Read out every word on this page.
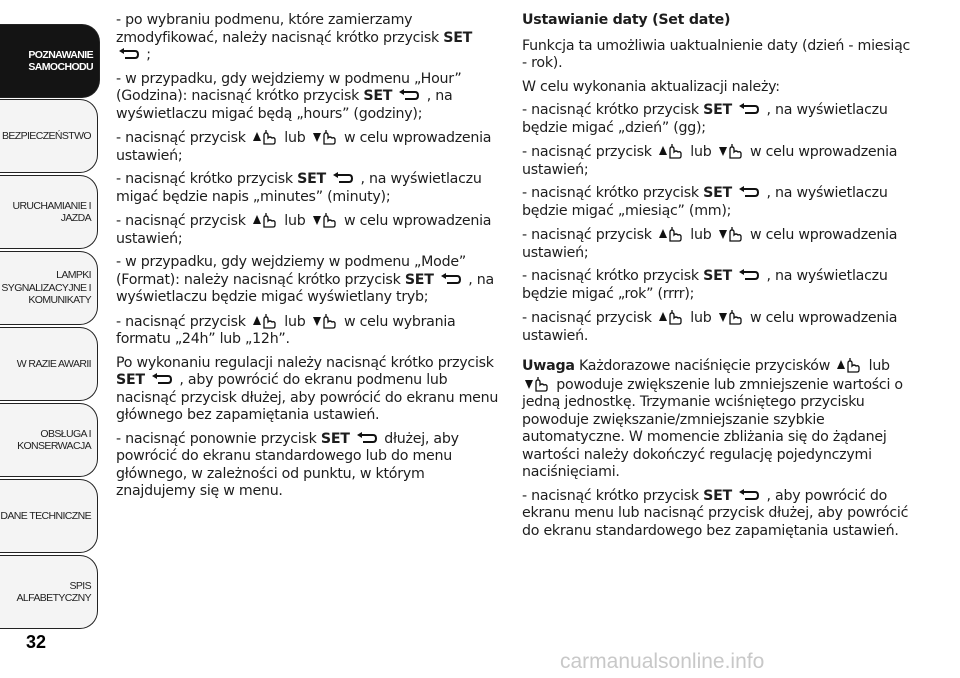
POZNAWANIE SAMOCHODU
BEZPIECZEŃSTWO
URUCHAMIANIE I JAZDA
LAMPKI SYGNALIZACYJNE I KOMUNIKATY
W RAZIE AWARII
OBSŁUGA I KONSERWACJA
DANE TECHNICZNE
SPIS ALFABETYCZNY
32

- po wybraniu podmenu, które zamierzamy zmodyfikować, należy nacisnąć krótko przycisk SET  ;

- w przypadku, gdy wejdziemy w podmenu „Hour” (Godzina): nacisnąć krótko przycisk SET , na wyświetlaczu migać będą „hours” (godziny);

- nacisnąć przycisk  lub	w celu wprowadzenia ustawień;

- nacisnąć krótko przycisk SET , na wyświetlaczu migać będzie napis „minutes” (minuty);

- nacisnąć przycisk  lub	w celu wprowadzenia ustawień;

- w przypadku, gdy wejdziemy w podmenu „Mode” (Format): należy nacisnąć krótko przycisk SET , na wyświetlaczu będzie migać wyświetlany tryb;

- nacisnąć przycisk  lub	w celu wybrania formatu „24h” lub „12h”.

Po wykonaniu regulacji należy nacisnąć krótko przycisk SET , aby powrócić do ekranu podmenu lub nacisnąć przycisk dłużej, aby powrócić do ekranu menu głównego bez zapamiętania ustawień.

- nacisnąć ponownie przycisk SET  dłużej, aby powrócić do ekranu standardowego lub do menu głównego, w zależności od punktu, w którym znajdujemy się w menu.

Ustawianie daty (Set date)

Funkcja ta umożliwia uaktualnienie daty (dzień - miesiąc - rok).

W celu wykonania aktualizacji należy:

- nacisnąć krótko przycisk SET , na wyświetlaczu będzie migać „dzień” (gg);

- nacisnąć przycisk  lub	w celu wprowadzenia ustawień;

- nacisnąć krótko przycisk SET , na wyświetlaczu będzie migać „miesiąc” (mm);

- nacisnąć przycisk  lub	w celu wprowadzenia ustawień;

- nacisnąć krótko przycisk SET , na wyświetlaczu będzie migać „rok” (rrrr);

- nacisnąć przycisk  lub	w celu wprowadzenia ustawień.

Uwaga Każdorazowe naciśnięcie przycisków  lub  powoduje zwiększenie lub zmniejszenie wartości o jedną jednostkę. Trzymanie wciśniętego przycisku powoduje zwiększanie/zmniejszanie szybkie automatyczne. W momencie zbliżania się do żądanej wartości należy dokończyć regulację pojedynczymi naciśnięciami.

- nacisnąć krótko przycisk SET , aby powrócić do ekranu menu lub nacisnąć przycisk dłużej, aby powrócić do ekranu standardowego bez zapamiętania ustawień.

carmanualsonline.info
